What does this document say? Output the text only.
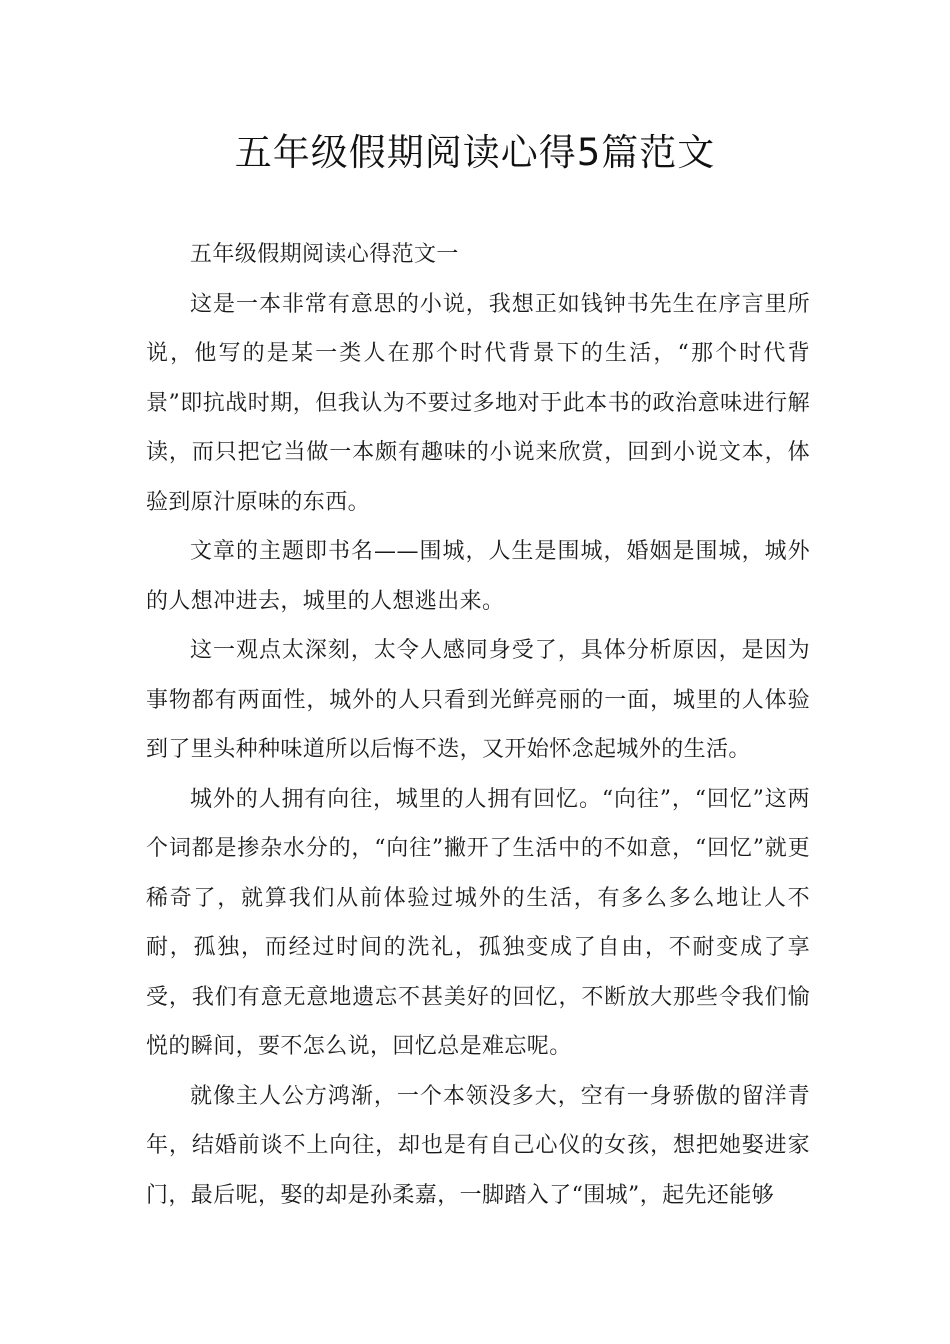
五年级假期阅读心得5篇范文

五年级假期阅读心得范文一

这是一本非常有意思的小说，我想正如钱钟书先生在序言里所说，他写的是某一类人在那个时代背景下的生活，“那个时代背景”即抗战时期，但我认为不要过多地对于此本书的政治意味进行解读，而只把它当做一本颇有趣味的小说来欣赏，回到小说文本，体验到原汁原味的东西。

文章的主题即书名——围城，人生是围城，婚姻是围城，城外的人想冲进去，城里的人想逃出来。

这一观点太深刻，太令人感同身受了，具体分析原因，是因为事物都有两面性，城外的人只看到光鲜亮丽的一面，城里的人体验到了里头种种味道所以后悔不迭，又开始怀念起城外的生活。

城外的人拥有向往，城里的人拥有回忆。“向往”，“回忆”这两个词都是掺杂水分的，“向往”撇开了生活中的不如意，“回忆”就更稀奇了，就算我们从前体验过城外的生活，有多么多么地让人不耐，孤独，而经过时间的洗礼，孤独变成了自由，不耐变成了享受，我们有意无意地遗忘不甚美好的回忆，不断放大那些令我们愉悦的瞬间，要不怎么说，回忆总是难忘呢。

就像主人公方鸿渐，一个本领没多大，空有一身骄傲的留洋青年，结婚前谈不上向往，却也是有自己心仪的女孩，想把她娶进家门，最后呢，娶的却是孙柔嘉，一脚踏入了“围城”，起先还能够
